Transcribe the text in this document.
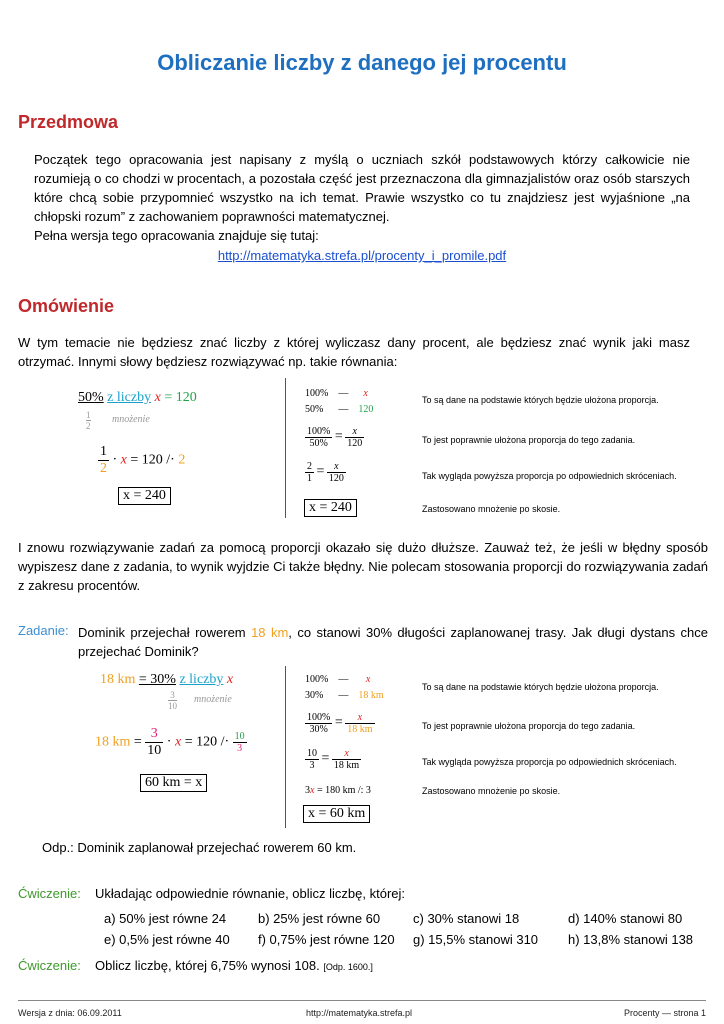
Obliczanie liczby z danego jej procentu
Przedmowa
Początek tego opracowania jest napisany z myślą o uczniach szkół podstawowych którzy całkowicie nie rozumieją o co chodzi w procentach, a pozostała część jest przeznaczona dla gimnazjalistów oraz osób starszych które chcą sobie przypomnieć wszystko na ich temat. Prawie wszystko co tu znajdziesz jest wyjaśnione „na chłopski rozum” z zachowaniem poprawności matematycznej.
Pełna wersja tego opracowania znajduje się tutaj:
http://matematyka.strefa.pl/procenty_i_promile.pdf
Omówienie
W tym temacie nie będziesz znać liczby z której wyliczasz dany procent, ale będziesz znać wynik jaki masz otrzymać. Innymi słowy będziesz rozwiązywać np. takie równania:
50% z liczby x = 120
1
2
mnożenie
$\frac{1}{2} \cdot x = 120 /\cdot 2$
x = 240
100% — x
50% — 120
$\frac{100\%}{50\%} = \frac{x}{120}$
$\frac{2}{1} = \frac{x}{120}$
x = 240
To są dane na podstawie których będzie ułożona proporcja.
To jest poprawnie ułożona proporcja do tego zadania.
Tak wygląda powyższa proporcja po odpowiednich skróceniach.
Zastosowano mnożenie po skosie.
I znowu rozwiązywanie zadań za pomocą proporcji okazało się dużo dłuższe. Zauważ też, że jeśli w błędny sposób wypiszesz dane z zadania, to wynik wyjdzie Ci także błędny. Nie polecam stosowania proporcji do rozwiązywania zadań z zakresu procentów.
Zadanie: Dominik przejechał rowerem 18 km, co stanowi 30% długości zaplanowanej trasy. Jak długi dystans chce przejechać Dominik?
18 km = 30% z liczby x
3
10
mnożenie
18 km = $\frac{3}{10} \cdot x = 120 /\cdot \frac{10}{3}$
60 km = x
100% — x
30% — 18 km
$\frac{100\%}{30\%} = \frac{x}{18 km}$
$\frac{10}{3} = \frac{x}{18 km}$
3x = 180 km /: 3
x = 60 km
To są dane na podstawie których będzie ułożona proporcja.
To jest poprawnie ułożona proporcja do tego zadania.
Tak wygląda powyższa proporcja po odpowiednich skróceniach.
Zastosowano mnożenie po skosie.
Odp.: Dominik zaplanował przejechać rowerem 60 km.
Ćwiczenie: Układając odpowiednie równanie, oblicz liczbę, której:
a) 50% jest równe 24 b) 25% jest równe 60	c) 30% stanowi 18	d) 140% stanowi 80
e) 0,5% jest równe 40 f) 0,75% jest równe 120 g) 15,5% stanowi 310 h) 13,8% stanowi 138
Ćwiczenie: Oblicz liczbę, której 6,75% wynosi 108. [Odp. 1600.]
Wersja z dnia: 06.09.2011	http://matematyka.strefa.pl	Procenty — strona 1
